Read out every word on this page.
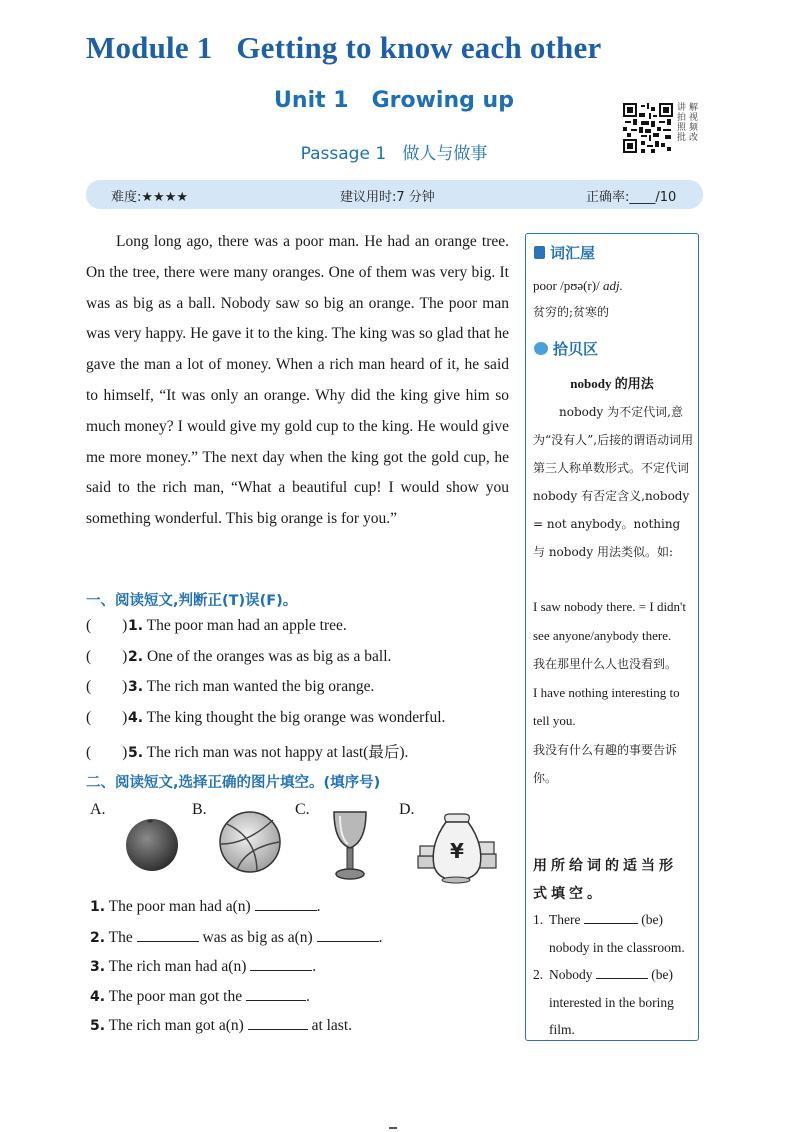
Module 1   Getting to know each other
Unit 1   Growing up
Passage 1   做人与做事
讲 解
拍 视
照 频
批 改
难度:★★★★	建议用时:7 分钟	正确率:____/10

Long long ago, there was a poor man. He had an orange tree. On the tree, there were many oranges. One of them was very big. It was as big as a ball. Nobody saw so big an orange. The poor man was very happy. He gave it to the king. The king was so glad that he gave the man a lot of money. When a rich man heard of it, he said to himself, “It was only an orange. Why did the king give him so much money? I would give my gold cup to the king. He would give me more money.” The next day when the king got the gold cup, he said to the rich man, “What a beautiful cup! I would show you something wonderful. This big orange is for you.”

词汇屋
poor /pʊə(r)/ adj.
贫穷的;贫寒的
拾贝区
nobody 的用法
nobody 为不定代词,意为“没有人”,后接的谓语动词用第三人称单数形式。不定代词 nobody 有否定含义,nobody = not anybody。nothing 与 nobody 用法类似。如:
I saw nobody there. = I didn't see anyone/anybody there.
我在那里什么人也没看到。
I have nothing interesting to tell you.
我没有什么有趣的事要告诉你。
用所给词的适当形式填空。
1. There	(be)
nobody in the classroom.
2. Nobody	(be)
interested in the boring film.
一、阅读短文,判断正(T)误(F)。
(        )1. The poor man had an apple tree.
(        )2. One of the oranges was as big as a ball.
(        )3. The rich man wanted the big orange.
(        )4. The king thought the big orange was wonderful.
(        )5. The rich man was not happy at last(最后).
二、阅读短文,选择正确的图片填空。(填序号)
A.	B.	C.	D.
¥
1. The poor man had a(n)	.
2. The	was as big as a(n)	.
3. The rich man had a(n)	.
4. The poor man got the	.
5. The rich man got a(n)	at last.
